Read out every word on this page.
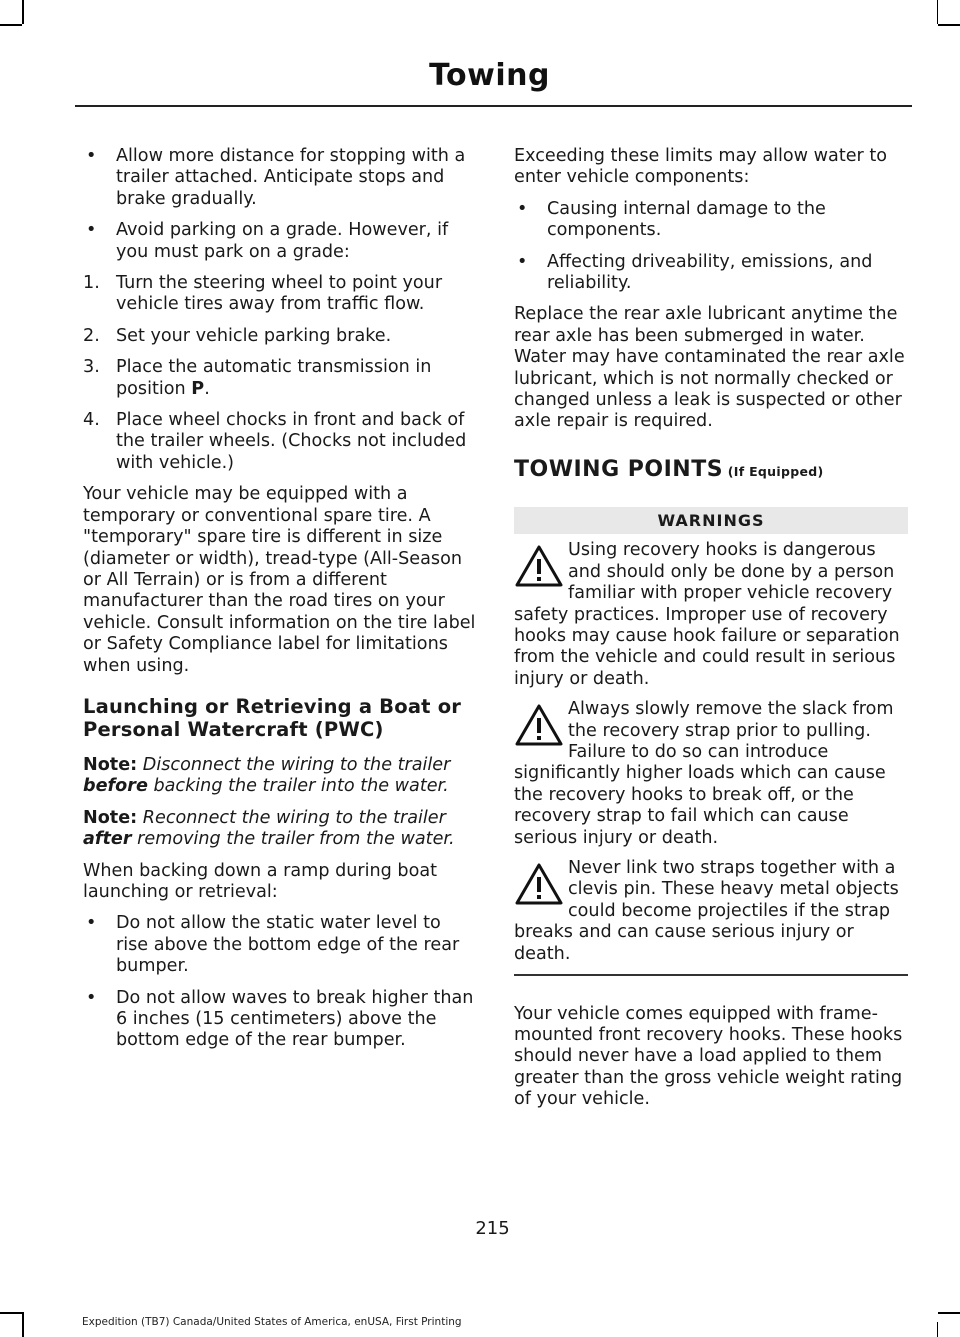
Towing
• Allow more distance for stopping with a trailer attached. Anticipate stops and brake gradually.
• Avoid parking on a grade. However, if you must park on a grade:
1. Turn the steering wheel to point your vehicle tires away from traffic flow.
2. Set your vehicle parking brake.
3. Place the automatic transmission in position P.
4. Place wheel chocks in front and back of the trailer wheels. (Chocks not included with vehicle.)

Your vehicle may be equipped with a temporary or conventional spare tire. A "temporary" spare tire is different in size (diameter or width), tread-type (All-Season or All Terrain) or is from a different manufacturer than the road tires on your vehicle. Consult information on the tire label or Safety Compliance label for limitations when using.

Launching or Retrieving a Boat or Personal Watercraft (PWC)

Note: Disconnect the wiring to the trailer before backing the trailer into the water.

Note: Reconnect the wiring to the trailer after removing the trailer from the water.

When backing down a ramp during boat launching or retrieval:

• Do not allow the static water level to rise above the bottom edge of the rear bumper.
• Do not allow waves to break higher than 6 inches (15 centimeters) above the bottom edge of the rear bumper.

Exceeding these limits may allow water to enter vehicle components:

• Causing internal damage to the components.
• Affecting driveability, emissions, and reliability.

Replace the rear axle lubricant anytime the rear axle has been submerged in water. Water may have contaminated the rear axle lubricant, which is not normally checked or changed unless a leak is suspected or other axle repair is required.

TOWING POINTS (If Equipped)
WARNINGS
Using recovery hooks is dangerous and should only be done by a person familiar with proper vehicle recovery safety practices. Improper use of recovery hooks may cause hook failure or separation from the vehicle and could result in serious injury or death.
Always slowly remove the slack from the recovery strap prior to pulling. Failure to do so can introduce significantly higher loads which can cause the recovery hooks to break off, or the recovery strap to fail which can cause serious injury or death.
Never link two straps together with a clevis pin. These heavy metal objects could become projectiles if the strap breaks and can cause serious injury or death.

Your vehicle comes equipped with frame-mounted front recovery hooks. These hooks should never have a load applied to them greater than the gross vehicle weight rating of your vehicle.

215
Expedition (TB7) Canada/United States of America, enUSA, First Printing
